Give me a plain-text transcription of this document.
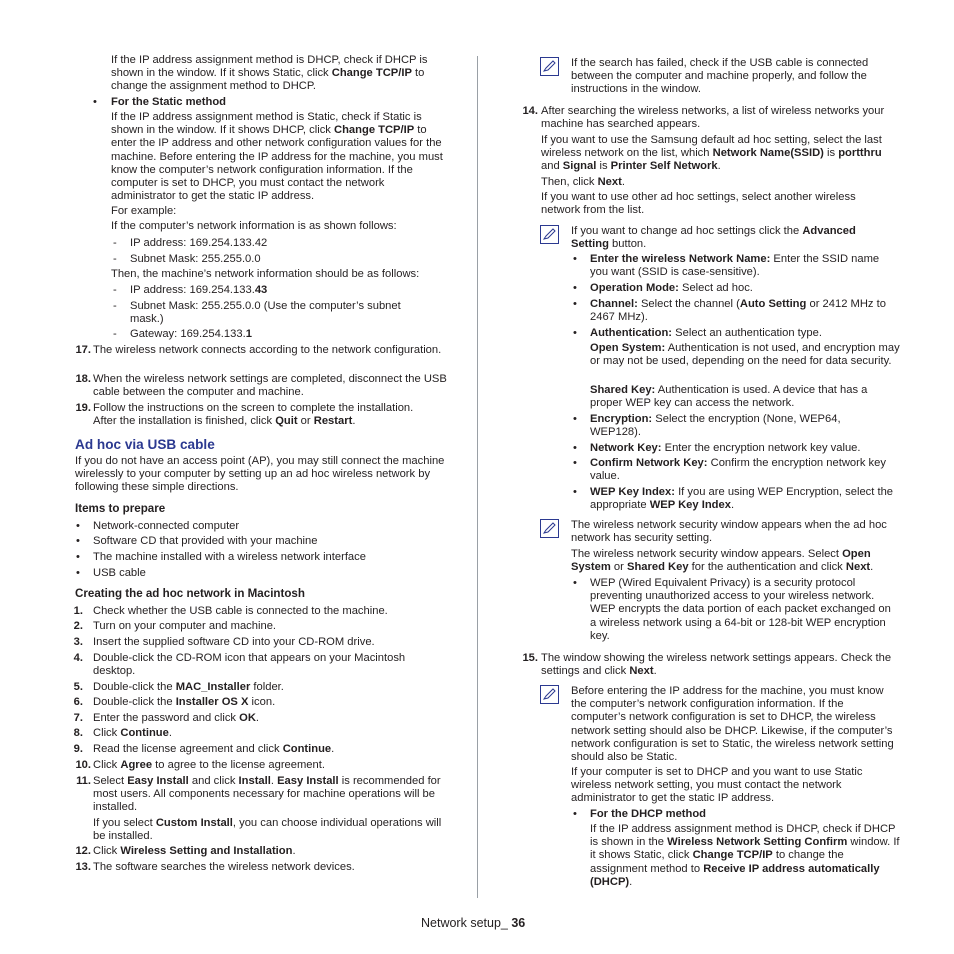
If the IP address assignment method is DHCP, check if DHCP is shown in the window. If it shows Static, click Change TCP/IP to change the assignment method to DHCP.

• For the Static method

If the IP address assignment method is Static, check if Static is shown in the window. If it shows DHCP, click Change TCP/IP to enter the IP address and other network configuration values for the machine. Before entering the IP address for the machine, you must know the computer’s network configuration information. If the computer is set to DHCP, you must contact the network administrator to get the static IP address.

For example:

If the computer’s network information is as shown follows:

- IP address: 169.254.133.42

- Subnet Mask: 255.255.0.0

Then, the machine’s network information should be as follows:

- IP address: 169.254.133.43

- Subnet Mask: 255.255.0.0 (Use the computer’s subnet mask.)

- Gateway: 169.254.133.1

17. The wireless network connects according to the network configuration.

18. When the wireless network settings are completed, disconnect the USB cable between the computer and machine.

19. Follow the instructions on the screen to complete the installation. After the installation is finished, click Quit or Restart.

Ad hoc via USB cable

If you do not have an access point (AP), you may still connect the machine wirelessly to your computer by setting up an ad hoc wireless network by following these simple directions.

Items to prepare
• Network-connected computer

• Software CD that provided with your machine

• The machine installed with a wireless network interface

• USB cable

Creating the ad hoc network in Macintosh
1. Check whether the USB cable is connected to the machine.

2. Turn on your computer and machine.

3. Insert the supplied software CD into your CD-ROM drive.

4. Double-click the CD-ROM icon that appears on your Macintosh desktop.

5. Double-click the MAC_Installer folder.

6. Double-click the Installer OS X icon.

7. Enter the password and click OK.

8. Click Continue.

9. Read the license agreement and click Continue.

10. Click Agree to agree to the license agreement.

11. Select Easy Install and click Install. Easy Install is recommended for most users. All components necessary for machine operations will be installed.

If you select Custom Install, you can choose individual operations will be installed.

12. Click Wireless Setting and Installation.

13. The software searches the wireless network devices.

If the search has failed, check if the USB cable is connected between the computer and machine properly, and follow the instructions in the window.

14. After searching the wireless networks, a list of wireless networks your machine has searched appears.

If you want to use the Samsung default ad hoc setting, select the last wireless network on the list, which Network Name(SSID) is portthru and Signal is Printer Self Network.

Then, click Next.

If you want to use other ad hoc settings, select another wireless network from the list.

If you want to change ad hoc settings click the Advanced Setting button.

• Enter the wireless Network Name: Enter the SSID name you want (SSID is case-sensitive).

• Operation Mode: Select ad hoc.

• Channel: Select the channel (Auto Setting or 2412 MHz to 2467 MHz).

• Authentication: Select an authentication type.

Open System: Authentication is not used, and encryption may or may not be used, depending on the need for data security.

Shared Key: Authentication is used. A device that has a proper WEP key can access the network.

• Encryption: Select the encryption (None, WEP64, WEP128).

• Network Key: Enter the encryption network key value.

• Confirm Network Key: Confirm the encryption network key value.

• WEP Key Index: If you are using WEP Encryption, select the appropriate WEP Key Index.

The wireless network security window appears when the ad hoc network has security setting.

The wireless network security window appears. Select Open System or Shared Key for the authentication and click Next.

• WEP (Wired Equivalent Privacy) is a security protocol preventing unauthorized access to your wireless network. WEP encrypts the data portion of each packet exchanged on a wireless network using a 64-bit or 128-bit WEP encryption key.

15. The window showing the wireless network settings appears. Check the settings and click Next.

Before entering the IP address for the machine, you must know the computer’s network configuration information. If the computer’s network configuration is set to DHCP, the wireless network setting should also be DHCP. Likewise, if the computer’s network configuration is set to Static, the wireless network setting should also be Static.

If your computer is set to DHCP and you want to use Static wireless network setting, you must contact the network administrator to get the static IP address.

• For the DHCP method

If the IP address assignment method is DHCP, check if DHCP is shown in the Wireless Network Setting Confirm window. If it shows Static, click Change TCP/IP to change the assignment method to Receive IP address automatically (DHCP).

Network setup_ 36
